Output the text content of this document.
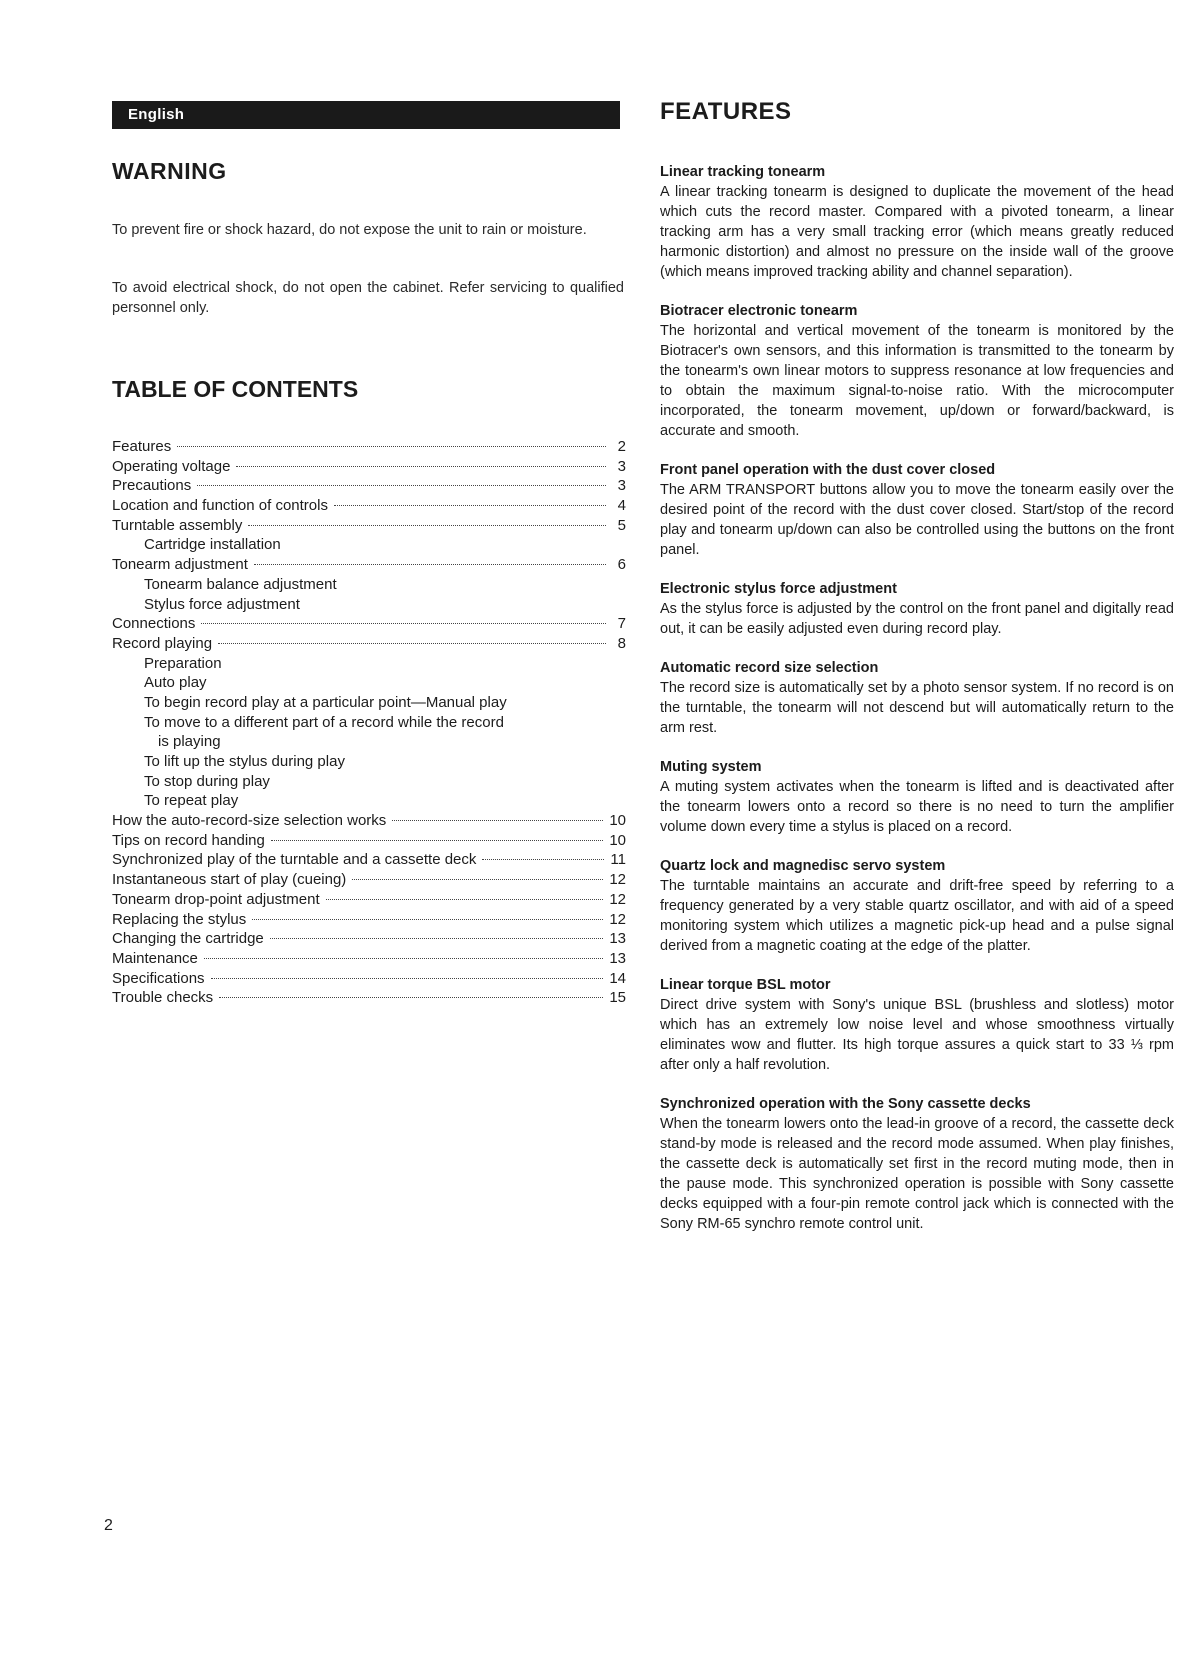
English	FEATURES
WARNING

To prevent fire or shock hazard, do not expose the unit to rain or moisture.

To avoid electrical shock, do not open the cabinet. Refer servicing to qualified personnel only.

TABLE OF CONTENTS
Features	2
Operating voltage	3
Precautions	3
Location and function of controls	4
Turntable assembly	5
Cartridge installation
Tonearm adjustment	6
Tonearm balance adjustment
Stylus force adjustment
Connections	7
Record playing	8
Preparation
Auto play
To begin record play at a particular point—Manual play
To move to a different part of a record while the record
is playing
To lift up the stylus during play
To stop during play
To repeat play
How the auto-record-size selection works	10
Tips on record handing	10
Synchronized play of the turntable and a cassette deck	11
Instantaneous start of play (cueing)	12
Tonearm drop-point adjustment	12
Replacing the stylus	12
Changing the cartridge	13
Maintenance	13
Specifications	14
Trouble checks	15
Linear tracking tonearm

A linear tracking tonearm is designed to duplicate the movement of the head which cuts the record master. Compared with a pivoted tonearm, a linear tracking arm has a very small tracking error (which means greatly reduced harmonic distortion) and almost no pressure on the inside wall of the groove (which means improved tracking ability and channel separation).

Biotracer electronic tonearm

The horizontal and vertical movement of the tonearm is monitored by the Biotracer's own sensors, and this information is transmitted to the tonearm by the tonearm's own linear motors to suppress resonance at low frequencies and to obtain the maximum signal-to-noise ratio. With the microcomputer incorporated, the tonearm movement, up/down or forward/backward, is accurate and smooth.

Front panel operation with the dust cover closed

The ARM TRANSPORT buttons allow you to move the tonearm easily over the desired point of the record with the dust cover closed. Start/stop of the record play and tonearm up/down can also be controlled using the buttons on the front panel.

Electronic stylus force adjustment

As the stylus force is adjusted by the control on the front panel and digitally read out, it can be easily adjusted even during record play.

Automatic record size selection

The record size is automatically set by a photo sensor system. If no record is on the turntable, the tonearm will not descend but will automatically return to the arm rest.

Muting system

A muting system activates when the tonearm is lifted and is deactivated after the tonearm lowers onto a record so there is no need to turn the amplifier volume down every time a stylus is placed on a record.

Quartz lock and magnedisc servo system

The turntable maintains an accurate and drift-free speed by referring to a frequency generated by a very stable quartz oscillator, and with aid of a speed monitoring system which utilizes a magnetic pick-up head and a pulse signal derived from a magnetic coating at the edge of the platter.

Linear torque BSL motor

Direct drive system with Sony's unique BSL (brushless and slotless) motor which has an extremely low noise level and whose smoothness virtually eliminates wow and flutter. Its high torque assures a quick start to 33 ⅓ rpm after only a half revolution.

Synchronized operation with the Sony cassette decks

When the tonearm lowers onto the lead-in groove of a record, the cassette deck stand-by mode is released and the record mode assumed. When play finishes, the cassette deck is automatically set first in the record muting mode, then in the pause mode. This synchronized operation is possible with Sony cassette decks equipped with a four-pin remote control jack which is connected with the Sony RM-65 synchro remote control unit.

2
